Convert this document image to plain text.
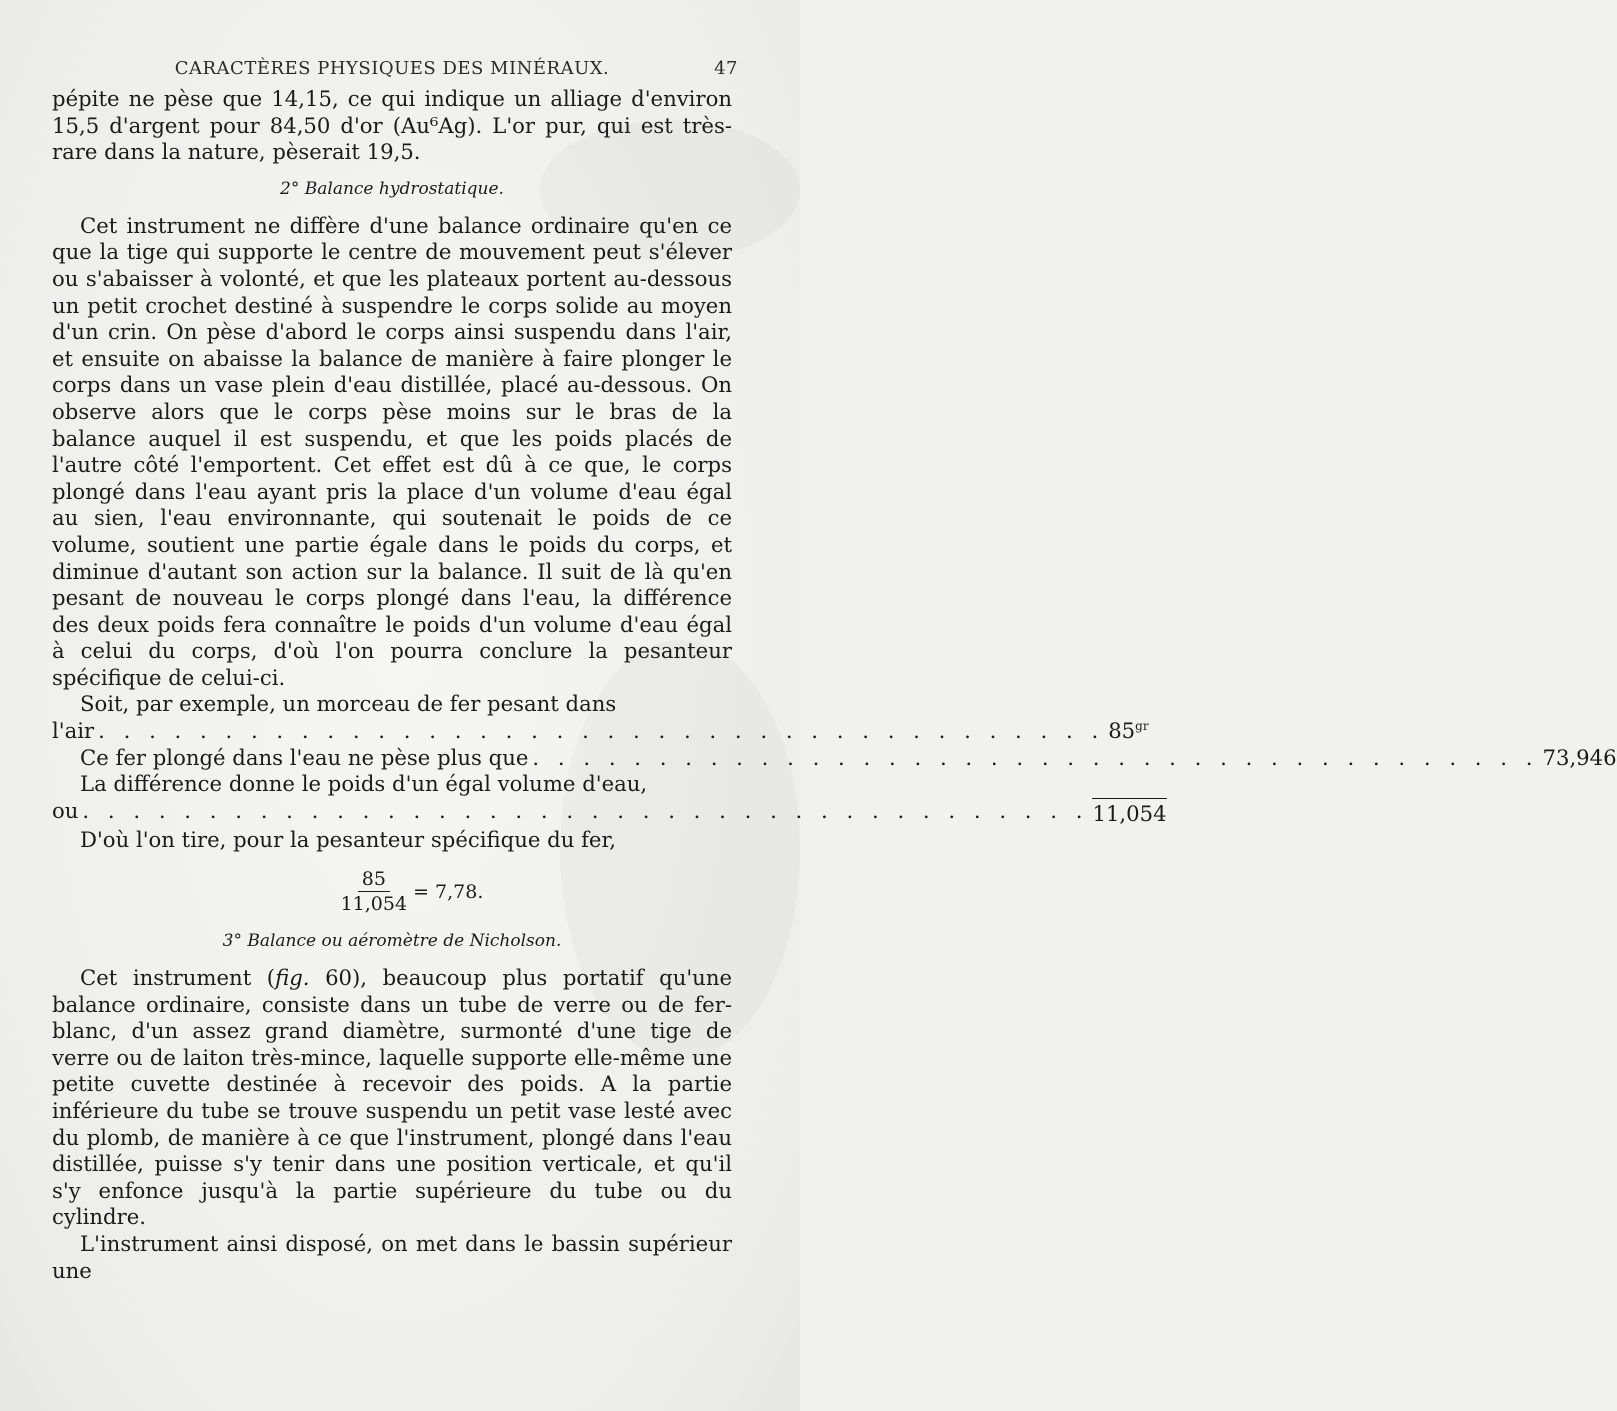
CARACTÈRES PHYSIQUES DES MINÉRAUX.	47

pépite ne pèse que 14,15, ce qui indique un alliage d'environ 15,5 d'argent pour 84,50 d'or (Au⁶Ag). L'or pur, qui est très-rare dans la nature, pèserait 19,5.

2° Balance hydrostatique.

Cet instrument ne diffère d'une balance ordinaire qu'en ce que la tige qui supporte le centre de mouvement peut s'élever ou s'abaisser à volonté, et que les plateaux portent au-dessous un petit crochet destiné à suspendre le corps solide au moyen d'un crin. On pèse d'abord le corps ainsi suspendu dans l'air, et ensuite on abaisse la balance de manière à faire plonger le corps dans un vase plein d'eau distillée, placé au-dessous. On observe alors que le corps pèse moins sur le bras de la balance auquel il est suspendu, et que les poids placés de l'autre côté l'emportent. Cet effet est dû à ce que, le corps plongé dans l'eau ayant pris la place d'un volume d'eau égal au sien, l'eau environnante, qui soutenait le poids de ce volume, soutient une partie égale dans le poids du corps, et diminue d'autant son action sur la balance. Il suit de là qu'en pesant de nouveau le corps plongé dans l'eau, la différence des deux poids fera connaître le poids d'un volume d'eau égal à celui du corps, d'où l'on pourra conclure la pesanteur spécifique de celui-ci.

Soit, par exemple, un morceau de fer pesant dans

l'air . . . . . . . . . . . . . . . . . . . . . . . . . . . . . . . . . . . . . . . . $85^{gr}$
Ce fer plongé dans l'eau ne pèse plus que . . . . . . . . . . . . . . . . . . . . . . . . . . . . . . . . . . . . . . . . 73,946

La différence donne le poids d'un égal volume d'eau,

ou . . . . . . . . . . . . . . . . . . . . . . . . . . . . . . . . . . . . . . . . 11,054

D'où l'on tire, pour la pesanteur spécifique du fer,

$\frac{85}{11,054} = 7,78$.
3° Balance ou aéromètre de Nicholson.

Cet instrument (fig. 60), beaucoup plus portatif qu'une balance ordinaire, consiste dans un tube de verre ou de fer-blanc, d'un assez grand diamètre, surmonté d'une tige de verre ou de laiton très-mince, laquelle supporte elle-même une petite cuvette destinée à recevoir des poids. A la partie inférieure du tube se trouve suspendu un petit vase lesté avec du plomb, de manière à ce que l'instrument, plongé dans l'eau distillée, puisse s'y tenir dans une position verticale, et qu'il s'y enfonce jusqu'à la partie supérieure du tube ou du cylindre.

L'instrument ainsi disposé, on met dans le bassin supérieur une
